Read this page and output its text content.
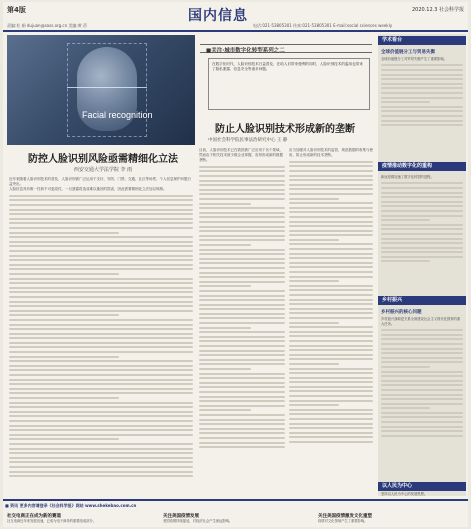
第4版	国内信息	2020.12.3 社会科学报
责编:杜 娟 dujuan@sass.org.cn 美编:黄 蓓	电话:021-53805301 传真:021-53805301 E-mail:social sciences weekly
Facial recognition
防控人脸识别风险亟需精细化立法
西安交通大学法学院 李 雨
近年来随着人脸识别技术的普及，人脸识别被广泛运用于支付、安防、门禁、交通、社区等场景，个人信息保护问题日益突出。
人脸信息具有唯一性和不可更改性，一旦泄露将造成难以挽回的损害，因此需要精细化立法加以规制。
■关注·城市数字化转型系列之二
在数字化时代，人脸识别技术日益普及，在给人们带来便利的同时，人脸识别技术的滥用也带来了隐私泄露、信息安全等诸多问题。
防止人脸识别技术形成新的垄断
中国社会科学院民事法治研究中心 王 静
目前，人脸识别技术已在我国被广泛应用于各个领域，然而由于相关技术被少数企业掌握，容易形成新的数据垄断。
应当加强对人脸识别技术的监管，规范数据的收集与使用，防止形成新的技术垄断。
学术看台
全球价值链分工与贸易失衡
全球价值链分工对贸易失衡产生了重要影响。
疫情推动数字化的重构
新冠疫情加速了数字化转型的进程。
乡村振兴
乡村振兴的核心问题
乡村振兴战略是关系全面建设社会主义现代化国家的重大任务。
以人民为中心
坚持以人民为中心的发展思想。
■ 资讯 更多内容请登录《社会科学报》网站 www.shekebao.com.cn
社交电商正在成为新的赛道
社交电商近年来发展迅速，已成为电子商务的重要组成部分。
关注美国疫情发展
美国疫情持续蔓延，对经济社会产生深远影响。
关注美国疫情激发文化重塑
疫情对文化领域产生了重要影响。
